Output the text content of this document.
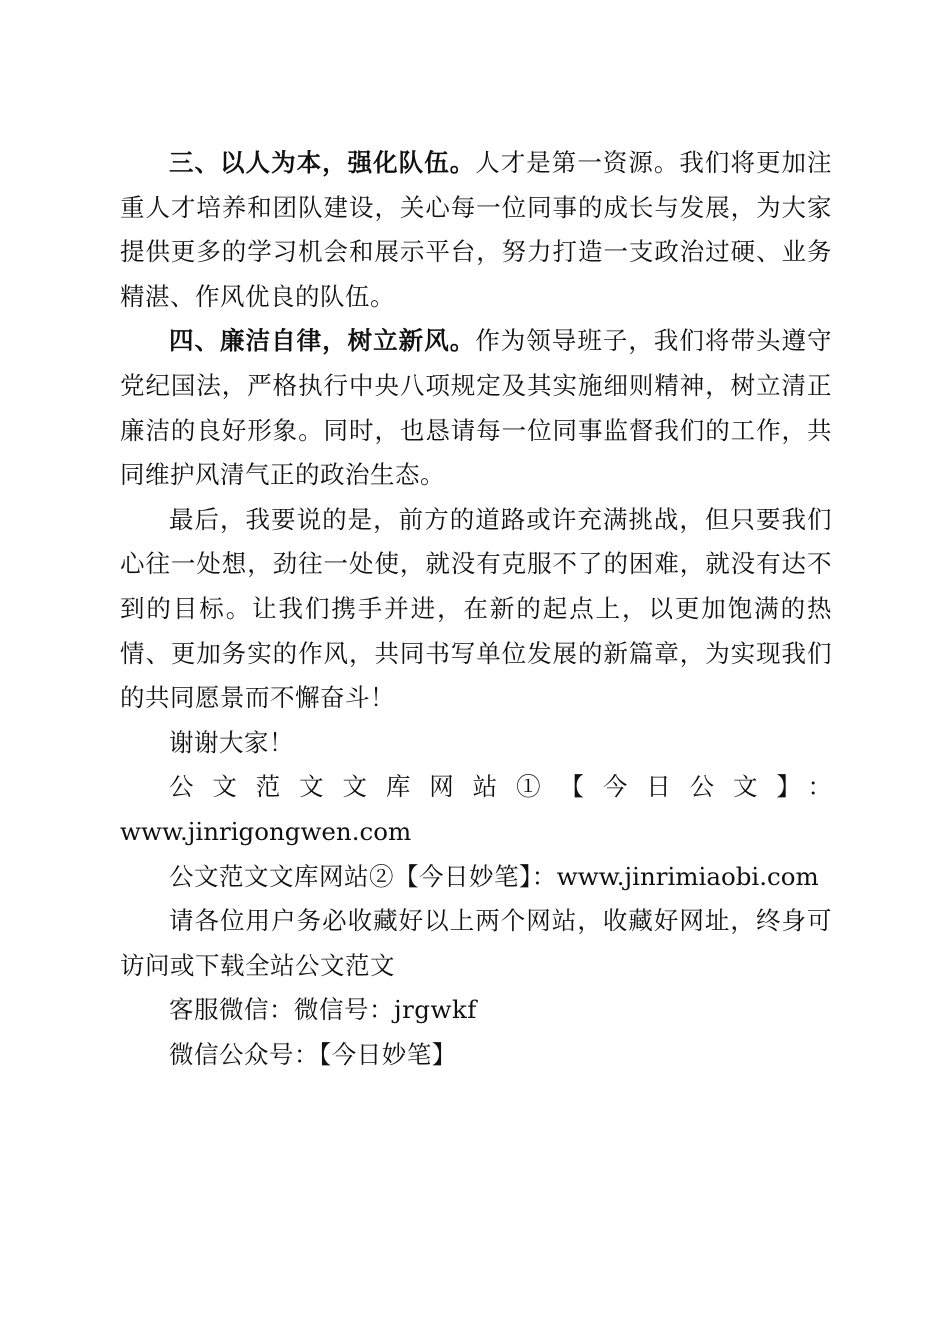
三、以人为本，强化队伍。人才是第一资源。我们将更加注重人才培养和团队建设，关心每一位同事的成长与发展，为大家提供更多的学习机会和展示平台，努力打造一支政治过硬、业务精湛、作风优良的队伍。

四、廉洁自律，树立新风。作为领导班子，我们将带头遵守党纪国法，严格执行中央八项规定及其实施细则精神，树立清正廉洁的良好形象。同时，也恳请每一位同事监督我们的工作，共同维护风清气正的政治生态。

最后，我要说的是，前方的道路或许充满挑战，但只要我们心往一处想，劲往一处使，就没有克服不了的困难，就没有达不到的目标。让我们携手并进，在新的起点上，以更加饱满的热情、更加务实的作风，共同书写单位发展的新篇章，为实现我们的共同愿景而不懈奋斗！

谢谢大家！

公文范文文库网站①【今日公文】：

www.jinrigongwen.com

公文范文文库网站②【今日妙笔】：www.jinrimiaobi.com

请各位用户务必收藏好以上两个网站，收藏好网址，终身可访问或下载全站公文范文

客服微信：微信号：jrgwkf

微信公众号：【今日妙笔】
